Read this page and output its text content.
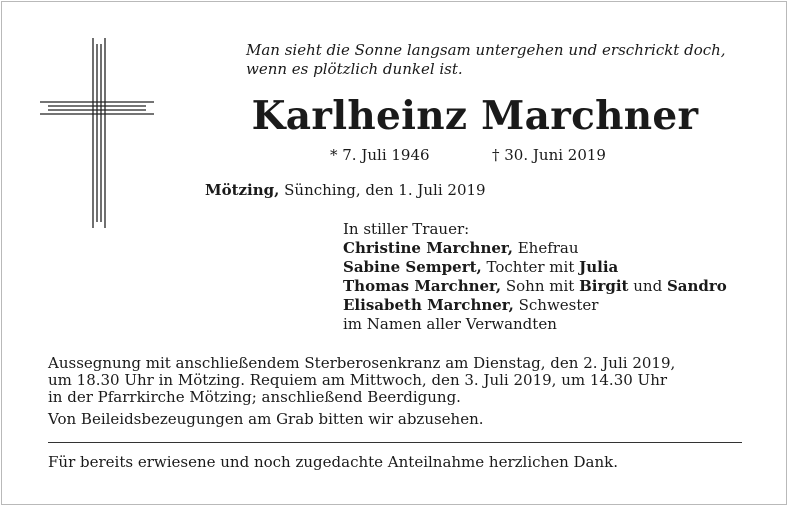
Man sieht die Sonne langsam untergehen und erschrickt doch,
wenn es plötzlich dunkel ist.
Karlheinz Marchner
* 7. Juli 1946	† 30. Juni 2019
Mötzing, Sünching, den 1. Juli 2019
In stiller Trauer:
Christine Marchner, Ehefrau
Sabine Sempert, Tochter mit Julia
Thomas Marchner, Sohn mit Birgit und Sandro
Elisabeth Marchner, Schwester
im Namen aller Verwandten
Aussegnung mit anschließendem Sterberosenkranz am Dienstag, den 2. Juli 2019,
um 18.30 Uhr in Mötzing. Requiem am Mittwoch, den 3. Juli 2019, um 14.30 Uhr
in der Pfarrkirche Mötzing; anschließend Beerdigung.
Von Beileidsbezeugungen am Grab bitten wir abzusehen.
Für bereits erwiesene und noch zugedachte Anteilnahme herzlichen Dank.
